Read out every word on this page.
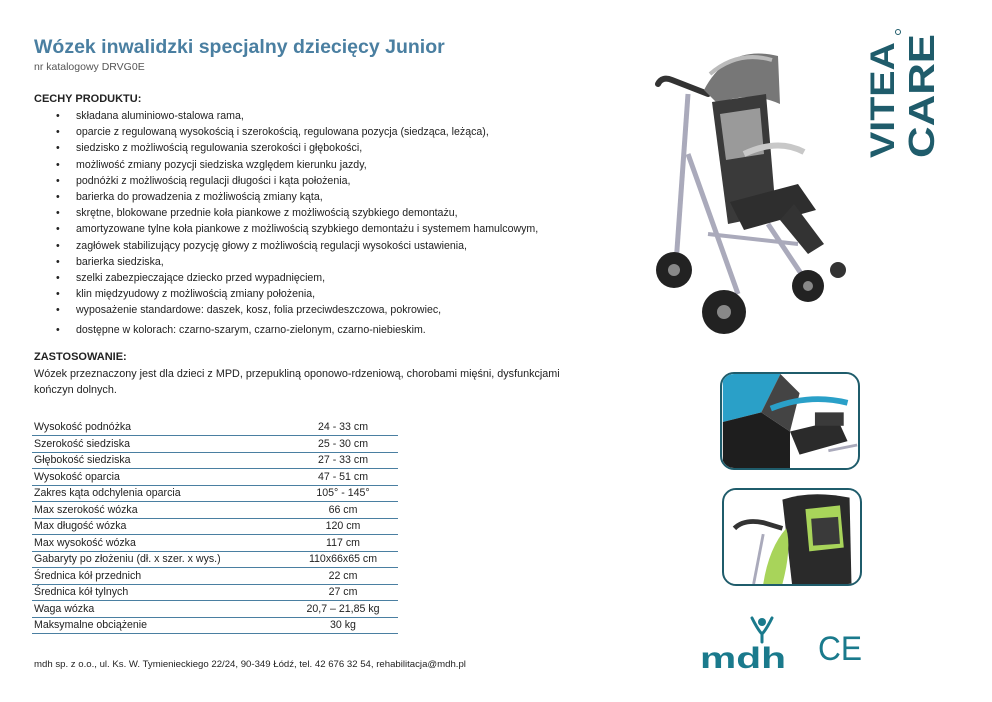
Wózek inwalidzki specjalny dziecięcy Junior
nr katalogowy DRVG0E
CECHY PRODUKTU:
• składana aluminiowo-stalowa rama,
• oparcie z regulowaną wysokością i szerokością, regulowana pozycja (siedząca, leżąca),
• siedzisko z możliwością regulowania szerokości i głębokości,
• możliwość zmiany pozycji siedziska względem kierunku jazdy,
• podnóżki z możliwością regulacji długości i kąta położenia,
• barierka do prowadzenia z możliwością zmiany kąta,
• skrętne, blokowane przednie koła piankowe z możliwością szybkiego demontażu,
• amortyzowane tylne koła piankowe z możliwością szybkiego demontażu i systemem hamulcowym,
• zagłówek stabilizujący pozycję głowy z możliwością regulacji wysokości ustawienia,
• barierka siedziska,
• szelki zabezpieczające dziecko przed wypadnięciem,
• klin międzyudowy z możliwością zmiany położenia,
• wyposażenie standardowe: daszek, kosz, folia przeciwdeszczowa, pokrowiec,
• dostępne w kolorach: czarno-szarym, czarno-zielonym, czarno-niebieskim.
ZASTOSOWANIE:
Wózek przeznaczony jest dla dzieci z MPD, przepukliną oponowo-rdzeniową, chorobami mięśni, dysfunkcjami kończyn dolnych.
Wysokość podnóżka	24 - 33 cm
Szerokość siedziska	25 - 30 cm
Głębokość siedziska	27 - 33 cm
Wysokość oparcia	47 - 51 cm
Zakres kąta odchylenia oparcia	105° - 145°
Max szerokość wózka	66 cm
Max długość wózka	120 cm
Max wysokość wózka	117 cm
Gabaryty po złożeniu (dł. x szer. x wys.)	110x66x65 cm
Średnica kół przednich	22 cm
Średnica kół tylnych	27 cm
Waga wózka	20,7 – 21,85 kg
Maksymalne obciążenie	30 kg
mdh sp. z o.o., ul. Ks. W. Tymienieckiego 22/24, 90-349 Łódź, tel. 42 676 32 54, rehabilitacja@mdh.pl
VITEA CARE
mdh CE
